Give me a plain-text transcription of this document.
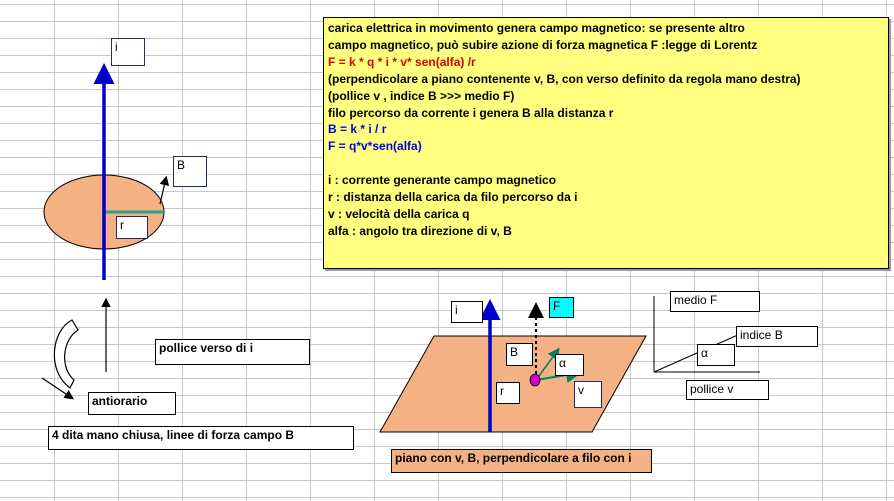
carica elettrica in movimento genera campo magnetico: se presente altro
campo magnetico, può subire azione di forza magnetica F :legge di Lorentz
F = k * q * i * v* sen(alfa) /r
(perpendicolare a piano contenente v, B, con verso definito da regola mano destra)
(pollice v , indice B >>> medio F)
filo percorso da corrente i genera B alla distanza r
B = k * i / r
F = q*v*sen(alfa)
i : corrente generante campo magnetico
r : distanza della carica da filo percorso da i
v : velocità della carica q
alfa : angolo tra direzione di v, B
i
B
r
pollice verso di i
antiorario
4 dita mano chiusa, linee di forza campo B
i	F
B
α
r	v
piano con v, B, perpendicolare a filo con i
medio F
indice B
α
pollice v
